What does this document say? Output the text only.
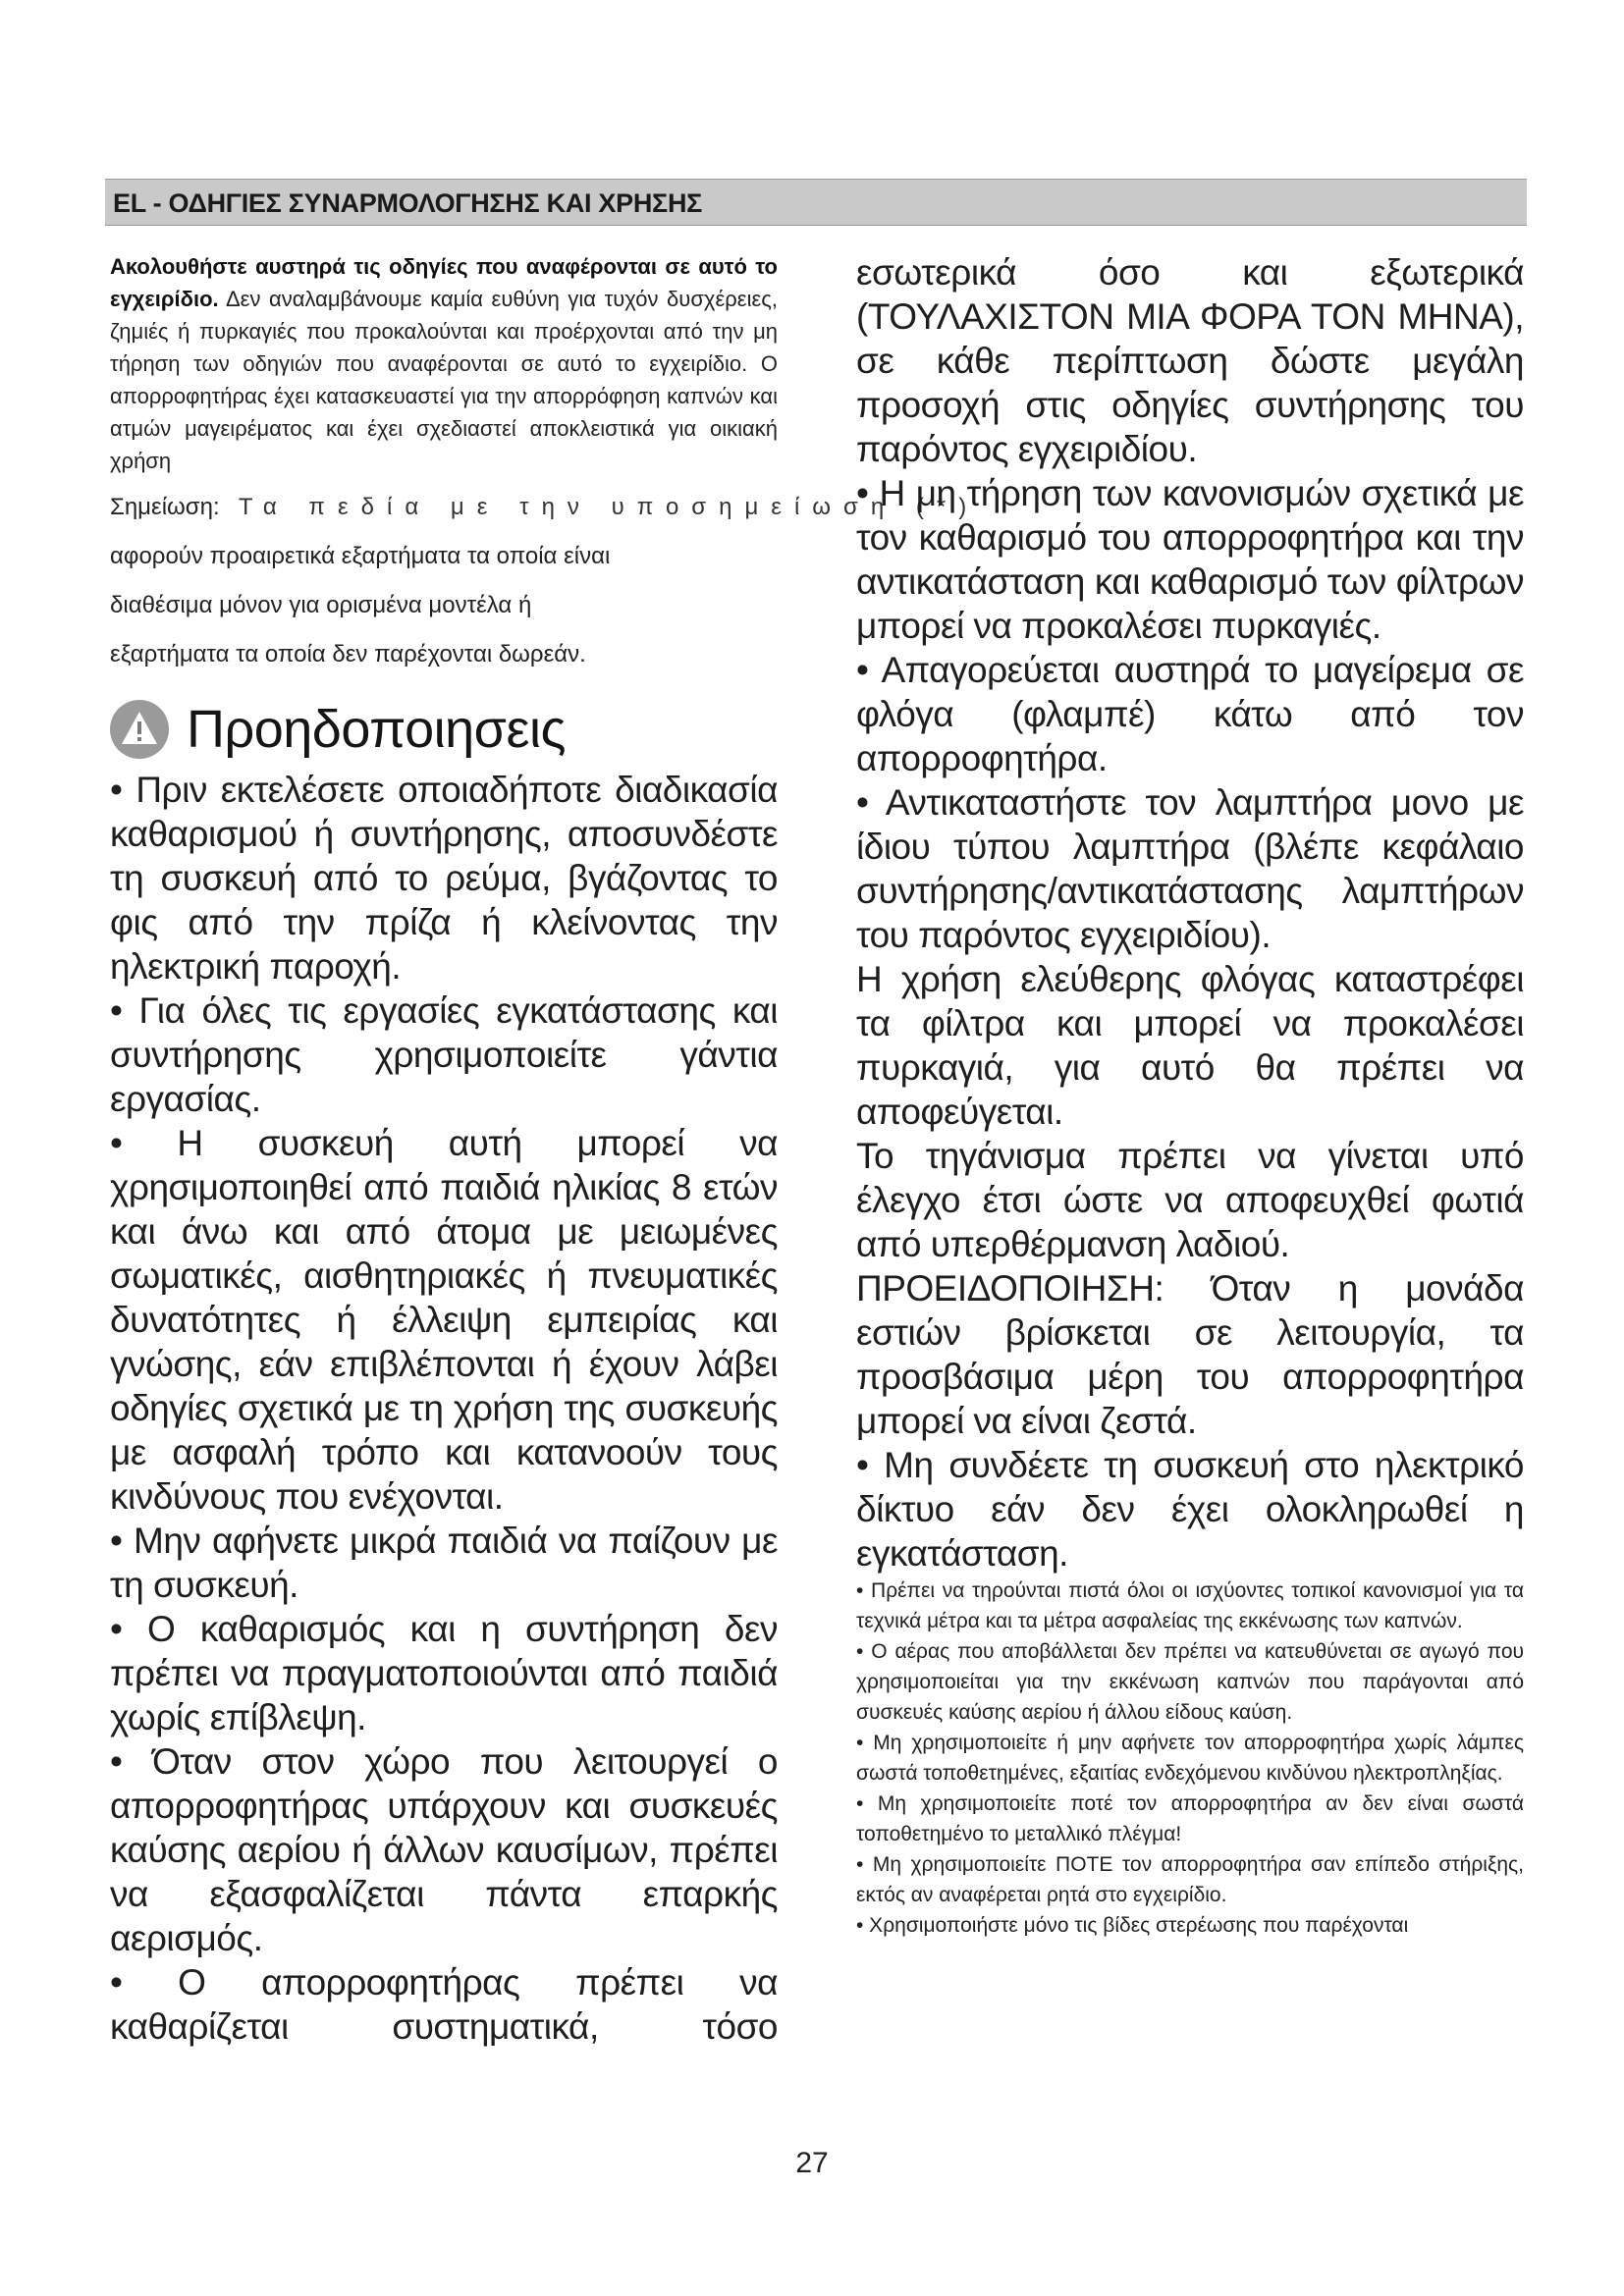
EL - ΟΔΗΓΙΕΣ ΣΥΝΑΡΜΟΛΟΓΗΣΗΣ ΚΑΙ ΧΡΗΣΗΣ

Ακολουθήστε αυστηρά τις οδηγίες που αναφέρονται σε αυτό το εγχειρίδιο. Δεν αναλαμβάνουμε καμία ευθύνη για τυχόν δυσχέρειες, ζημιές ή πυρκαγιές που προκαλούνται και προέρχονται από την μη τήρηση των οδηγιών που αναφέρονται σε αυτό το εγχειρίδιο. Ο απορροφητήρας έχει κατασκευαστεί για την απορρόφηση καπνών και ατμών μαγειρέματος και έχει σχεδιαστεί αποκλειστικά για οικιακή χρήση

Σημείωση: Τα πεδία με την υποσημείωση (*)

αφορούν προαιρετικά εξαρτήματα τα οποία είναι

διαθέσιμα μόνον για ορισμένα μοντέλα ή

εξαρτήματα τα οποία δεν παρέχονται δωρεάν.

Προηδοποιησεις

• Πριν εκτελέσετε οποιαδήποτε διαδικασία καθαρισμού ή συντήρησης, αποσυνδέστε τη συσκευή από το ρεύμα, βγάζοντας το φις από την πρίζα ή κλείνοντας την ηλεκτρική παροχή.

• Για όλες τις εργασίες εγκατάστασης και συντήρησης χρησιμοποιείτε γάντια εργασίας.

• Η συσκευή αυτή μπορεί να χρησιμοποιηθεί από παιδιά ηλικίας 8 ετών και άνω και από άτομα με μειωμένες σωματικές, αισθητηριακές ή πνευματικές δυνατότητες ή έλλειψη εμπειρίας και γνώσης, εάν επιβλέπονται ή έχουν λάβει οδηγίες σχετικά με τη χρήση της συσκευής με ασφαλή τρόπο και κατανοούν τους κινδύνους που ενέχονται.

• Μην αφήνετε μικρά παιδιά να παίζουν με τη συσκευή.

• Ο καθαρισμός και η συντήρηση δεν πρέπει να πραγματοποιούνται από παιδιά χωρίς επίβλεψη.

• Όταν στον χώρο που λειτουργεί ο απορροφητήρας υπάρχουν και συσκευές καύσης αερίου ή άλλων καυσίμων, πρέπει να εξασφαλίζεται πάντα επαρκής αερισμός.

• Ο απορροφητήρας πρέπει να καθαρίζεται συστηματικά, τόσο

εσωτερικά όσο και εξωτερικά (ΤΟΥΛΑΧΙΣΤΟΝ ΜΙΑ ΦΟΡΑ ΤΟΝ ΜΗΝΑ), σε κάθε περίπτωση δώστε μεγάλη προσοχή στις οδηγίες συντήρησης του παρόντος εγχειριδίου.

• Η μη τήρηση των κανονισμών σχετικά με τον καθαρισμό του απορροφητήρα και την αντικατάσταση και καθαρισμό των φίλτρων μπορεί να προκαλέσει πυρκαγιές.

• Απαγορεύεται αυστηρά το μαγείρεμα σε φλόγα (φλαμπέ) κάτω από τον απορροφητήρα.

• Αντικαταστήστε τον λαμπτήρα μονο με ίδιου τύπου λαμπτήρα (βλέπε κεφάλαιο συντήρησης/αντικατάστασης λαμπτήρων του παρόντος εγχειριδίου).

Η χρήση ελεύθερης φλόγας καταστρέφει τα φίλτρα και μπορεί να προκαλέσει πυρκαγιά, για αυτό θα πρέπει να αποφεύγεται.

Το τηγάνισμα πρέπει να γίνεται υπό έλεγχο έτσι ώστε να αποφευχθεί φωτιά από υπερθέρμανση λαδιού.

ΠΡΟΕΙΔΟΠΟΙΗΣΗ: Όταν η μονάδα εστιών βρίσκεται σε λειτουργία, τα προσβάσιμα μέρη του απορροφητήρα μπορεί να είναι ζεστά.

• Μη συνδέετε τη συσκευή στο ηλεκτρικό δίκτυο εάν δεν έχει ολοκληρωθεί η εγκατάσταση.

• Πρέπει να τηρούνται πιστά όλοι οι ισχύοντες τοπικοί κανονισμοί για τα τεχνικά μέτρα και τα μέτρα ασφαλείας της εκκένωσης των καπνών.

• Ο αέρας που αποβάλλεται δεν πρέπει να κατευθύνεται σε αγωγό που χρησιμοποιείται για την εκκένωση καπνών που παράγονται από συσκευές καύσης αερίου ή άλλου είδους καύση.

• Μη χρησιμοποιείτε ή μην αφήνετε τον απορροφητήρα χωρίς λάμπες σωστά τοποθετημένες, εξαιτίας ενδεχόμενου κινδύνου ηλεκτροπληξίας.

• Μη χρησιμοποιείτε ποτέ τον απορροφητήρα αν δεν είναι σωστά τοποθετημένο το μεταλλικό πλέγμα!

• Μη χρησιμοποιείτε ΠΟΤΕ τον απορροφητήρα σαν επίπεδο στήριξης, εκτός αν αναφέρεται ρητά στο εγχειρίδιο.

• Χρησιμοποιήστε μόνο τις βίδες στερέωσης που παρέχονται

27
